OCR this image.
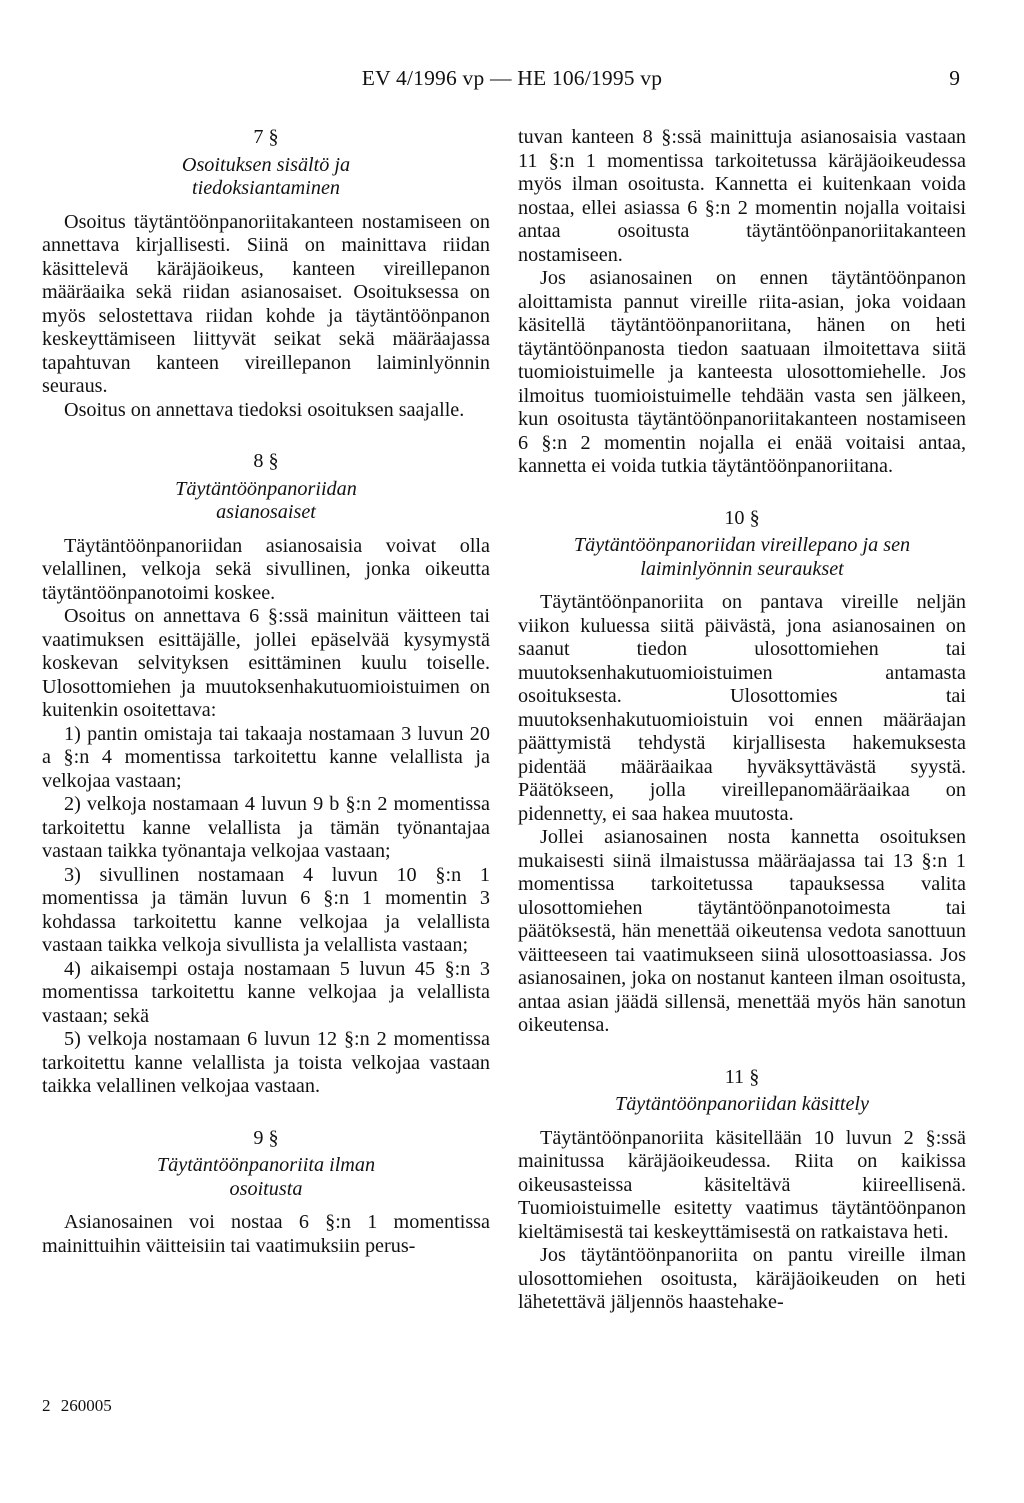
EV 4/1996 vp — HE 106/1995 vp	9
7 §
Osoituksen sisältö ja
tiedoksiantaminen

Osoitus täytäntöönpanoriitakanteen nostamiseen on annettava kirjallisesti. Siinä on mainittava riidan käsittelevä käräjäoikeus, kanteen vireillepanon määräaika sekä riidan asianosaiset. Osoituksessa on myös selostettava riidan kohde ja täytäntöönpanon keskeyttämiseen liittyvät seikat sekä määräajassa tapahtuvan kanteen vireillepanon laiminlyönnin seuraus.

Osoitus on annettava tiedoksi osoituksen saajalle.

8 §
Täytäntöönpanoriidan
asianosaiset

Täytäntöönpanoriidan asianosaisia voivat olla velallinen, velkoja sekä sivullinen, jonka oikeutta täytäntöönpanotoimi koskee.

Osoitus on annettava 6 §:ssä mainitun väitteen tai vaatimuksen esittäjälle, jollei epäselvää kysymystä koskevan selvityksen esittäminen kuulu toiselle. Ulosottomiehen ja muutoksenhakutuomioistuimen on kuitenkin osoitettava:

1) pantin omistaja tai takaaja nostamaan 3 luvun 20 a §:n 4 momentissa tarkoitettu kanne velallista ja velkojaa vastaan;

2) velkoja nostamaan 4 luvun 9 b §:n 2 momentissa tarkoitettu kanne velallista ja tämän työnantajaa vastaan taikka työnantaja velkojaa vastaan;

3) sivullinen nostamaan 4 luvun 10 §:n 1 momentissa ja tämän luvun 6 §:n 1 momentin 3 kohdassa tarkoitettu kanne velkojaa ja velallista vastaan taikka velkoja sivullista ja velallista vastaan;

4) aikaisempi ostaja nostamaan 5 luvun 45 §:n 3 momentissa tarkoitettu kanne velkojaa ja velallista vastaan; sekä

5) velkoja nostamaan 6 luvun 12 §:n 2 momentissa tarkoitettu kanne velallista ja toista velkojaa vastaan taikka velallinen velkojaa vastaan.

9 §
Täytäntöönpanoriita ilman
osoitusta

Asianosainen voi nostaa 6 §:n 1 momentissa mainittuihin väitteisiin tai vaatimuksiin perus-

tuvan kanteen 8 §:ssä mainittuja asianosaisia vastaan 11 §:n 1 momentissa tarkoitetussa käräjäoikeudessa myös ilman osoitusta. Kannetta ei kuitenkaan voida nostaa, ellei asiassa 6 §:n 2 momentin nojalla voitaisi antaa osoitusta täytäntöönpanoriitakanteen nostamiseen.

Jos asianosainen on ennen täytäntöönpanon aloittamista pannut vireille riita-asian, joka voidaan käsitellä täytäntöönpanoriitana, hänen on heti täytäntöönpanosta tiedon saatuaan ilmoitettava siitä tuomioistuimelle ja kanteesta ulosottomiehelle. Jos ilmoitus tuomioistuimelle tehdään vasta sen jälkeen, kun osoitusta täytäntöönpanoriitakanteen nostamiseen 6 §:n 2 momentin nojalla ei enää voitaisi antaa, kannetta ei voida tutkia täytäntöönpanoriitana.

10 §
Täytäntöönpanoriidan vireillepano ja sen
laiminlyönnin seuraukset

Täytäntöönpanoriita on pantava vireille neljän viikon kuluessa siitä päivästä, jona asianosainen on saanut tiedon ulosottomiehen tai muutoksenhakutuomioistuimen antamasta osoituksesta. Ulosottomies tai muutoksenhakutuomioistuin voi ennen määräajan päättymistä tehdystä kirjallisesta hakemuksesta pidentää määräaikaa hyväksyttävästä syystä. Päätökseen, jolla vireillepanomääräaikaa on pidennetty, ei saa hakea muutosta.

Jollei asianosainen nosta kannetta osoituksen mukaisesti siinä ilmaistussa määräajassa tai 13 §:n 1 momentissa tarkoitetussa tapauksessa valita ulosottomiehen täytäntöönpanotoimesta tai päätöksestä, hän menettää oikeutensa vedota sanottuun väitteeseen tai vaatimukseen siinä ulosottoasiassa. Jos asianosainen, joka on nostanut kanteen ilman osoitusta, antaa asian jäädä sillensä, menettää myös hän sanotun oikeutensa.

11 §
Täytäntöönpanoriidan käsittely

Täytäntöönpanoriita käsitellään 10 luvun 2 §:ssä mainitussa käräjäoikeudessa. Riita on kaikissa oikeusasteissa käsiteltävä kiireellisenä. Tuomioistuimelle esitetty vaatimus täytäntöönpanon kieltämisestä tai keskeyttämisestä on ratkaistava heti.

Jos täytäntöönpanoriita on pantu vireille ilman ulosottomiehen osoitusta, käräjäoikeuden on heti lähetettävä jäljennös haastehake-

2 260005
